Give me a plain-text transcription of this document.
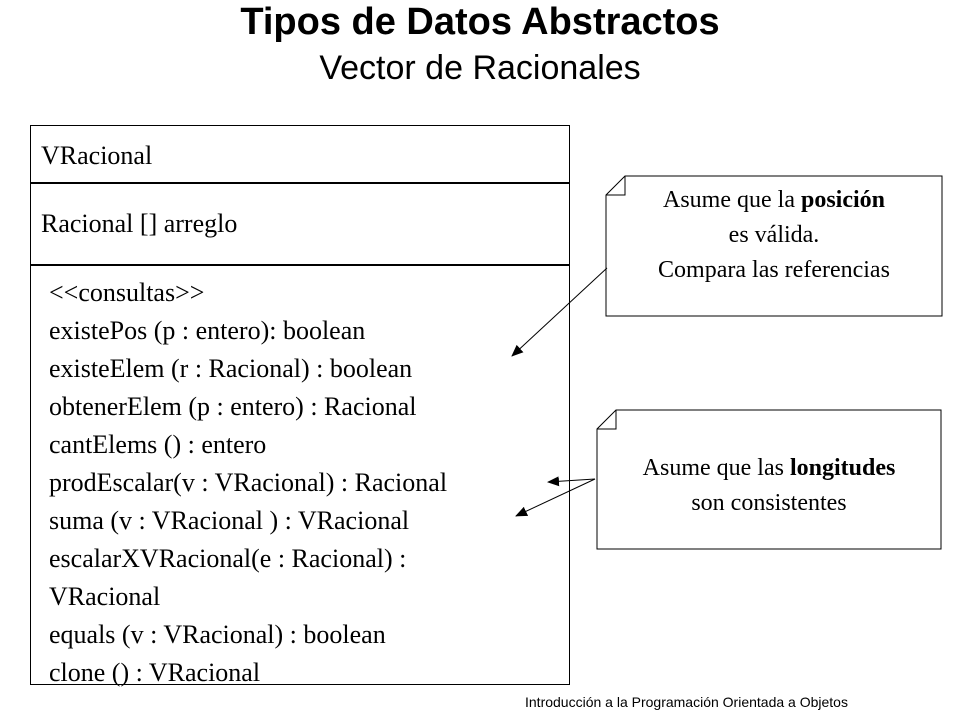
Tipos de Datos Abstractos
Vector de Racionales
VRacional
Racional [] arreglo
<<consultas>>
existePos (p : entero): boolean
existeElem (r : Racional) : boolean
obtenerElem (p : entero) : Racional
cantElems () : entero
prodEscalar(v : VRacional) : Racional
suma (v : VRacional ) : VRacional
escalarXVRacional(e : Racional) :
VRacional
equals (v : VRacional) : boolean
clone () : VRacional
Asume que la posición
es válida.
Compara las referencias
Asume que las longitudes
son consistentes
Introducción a la Programación Orientada a Objetos
